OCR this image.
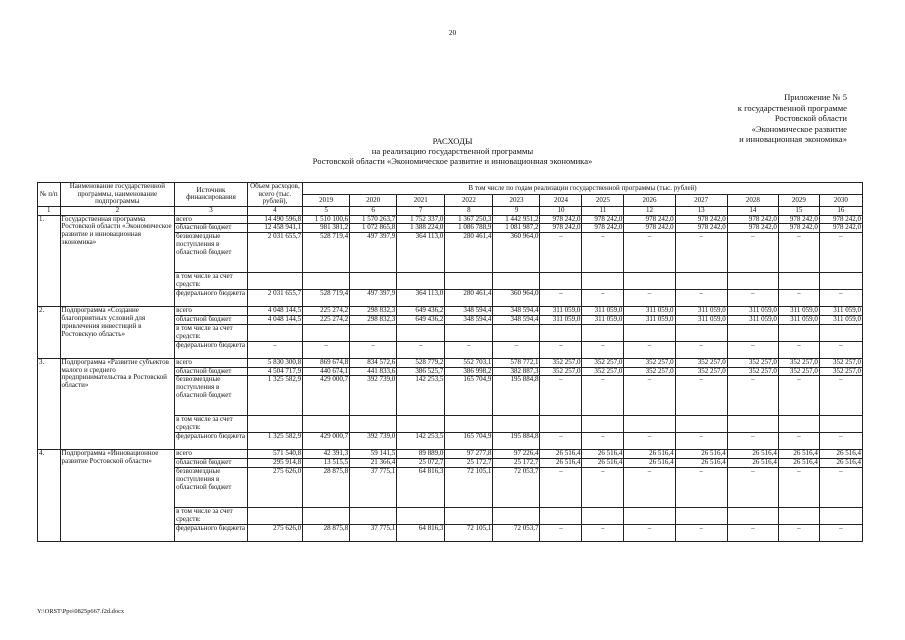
20
Приложение № 5
к государственной программе
Ростовской области
«Экономическое развитие
и инновационная экономика»
РАСХОДЫ
на реализацию государственной программы
Ростовской области «Экономическое развитие и инновационная экономика»
№ п/п	Наименование государственной программы, наименование подпрограммы	Источник финансирования	Объем расходов, всего (тыс. рублей),	В том числе по годам реализации государственной программы (тыс. рублей)											
				2019	2020	2021	2022	2023	2024	2025	2026	2027	2028	2029	2030
1	2	3	4	5	6	7	8	9	10	11	12	13	14	15	16
1.	Государственная программа Ростовской области «Экономическое развитие и инновационная экономика»	всего	14 490 596,8	1 510 100,6	1 570 263,7	1 752 337,0	1 367 250,3	1 442 951,2	978 242,0	978 242,0	978 242,0	978 242,0	978 242,0	978 242,0	978 242,0
		областной бюджет	12 458 941,1	981 381,2	1 072 865,8	1 388 224,0	1 086 788,9	1 081 987,2	978 242,0	978 242,0	978 242,0	978 242,0	978 242,0	978 242,0	978 242,0
		безвозмездные поступления в областной бюджет	2 031 655,7	528 719,4	497 397,9	364 113,0	280 461,4	360 964,0	–	–	–	–	–	–	–
		в том числе за счет средств:													
		федерального бюджета	2 031 655,7	528 719,4	497 397,9	364 113,0	280 461,4	360 964,0	–	–	–	–	–	–	–
2.	Подпрограмма «Создание благоприятных условий для привлечения инвестиций в Ростовскую область»	всего	4 048 144,5	225 274,2	298 832,3	649 436,2	348 594,4	348 594,4	311 059,0	311 059,0	311 059,0	311 059,0	311 059,0	311 059,0	311 059,0
		областной бюджет	4 048 144,5	225 274,2	298 832,3	649 436,2	348 594,4	348 594,4	311 059,0	311 059,0	311 059,0	311 059,0	311 059,0	311 059,0	311 059,0
		в том числе за счет средств:													
		федерального бюджета	–	–	–	–	–	–	–	–	–	–	–	–	–
3.	Подпрограмма «Развитие субъектов малого и среднего предпринимательства в Ростовской области»	всего	5 830 300,8	869 674,8	834 572,6	528 779,2	552 703,1	578 772,1	352 257,0	352 257,0	352 257,0	352 257,0	352 257,0	352 257,0	352 257,0
		областной бюджет	4 504 717,9	440 674,1	441 833,6	386 525,7	386 998,2	382 887,3	352 257,0	352 257,0	352 257,0	352 257,0	352 257,0	352 257,0	352 257,0
		безвозмездные поступления в областной бюджет	1 325 582,9	429 000,7	392 739,0	142 253,5	165 704,9	195 884,8	–	–	–	–	–	–	–
		в том числе за счет средств:													
		федерального бюджета	1 325 582,9	429 000,7	392 739,0	142 253,5	165 704,9	195 884,8	–	–	–	–	–	–	–
4.	Подпрограмма «Инновационное развитие Ростовской области»	всего	571 540,8	42 391,3	59 141,5	89 889,0	97 277,8	97 226,4	26 516,4	26 516,4	26 516,4	26 516,4	26 516,4	26 516,4	26 516,4
		областной бюджет	295 914,8	13 515,5	21 366,4	25 072,7	25 172,7	25 172,7	26 516,4	26 516,4	26 516,4	26 516,4	26 516,4	26 516,4	26 516,4
		безвозмездные поступления в областной бюджет	275 626,0	28 875,8	37 775,1	64 816,3	72 105,1	72 053,7	–	–	–	–	–	–	–
		в том числе за счет средств:													
		федерального бюджета	275 626,0	28 875,8	37 775,1	64 816,3	72 105,1	72 053,7	–	–	–	–	–	–	–
Y:\ORST\Ppo\0825p667.f2d.docx
